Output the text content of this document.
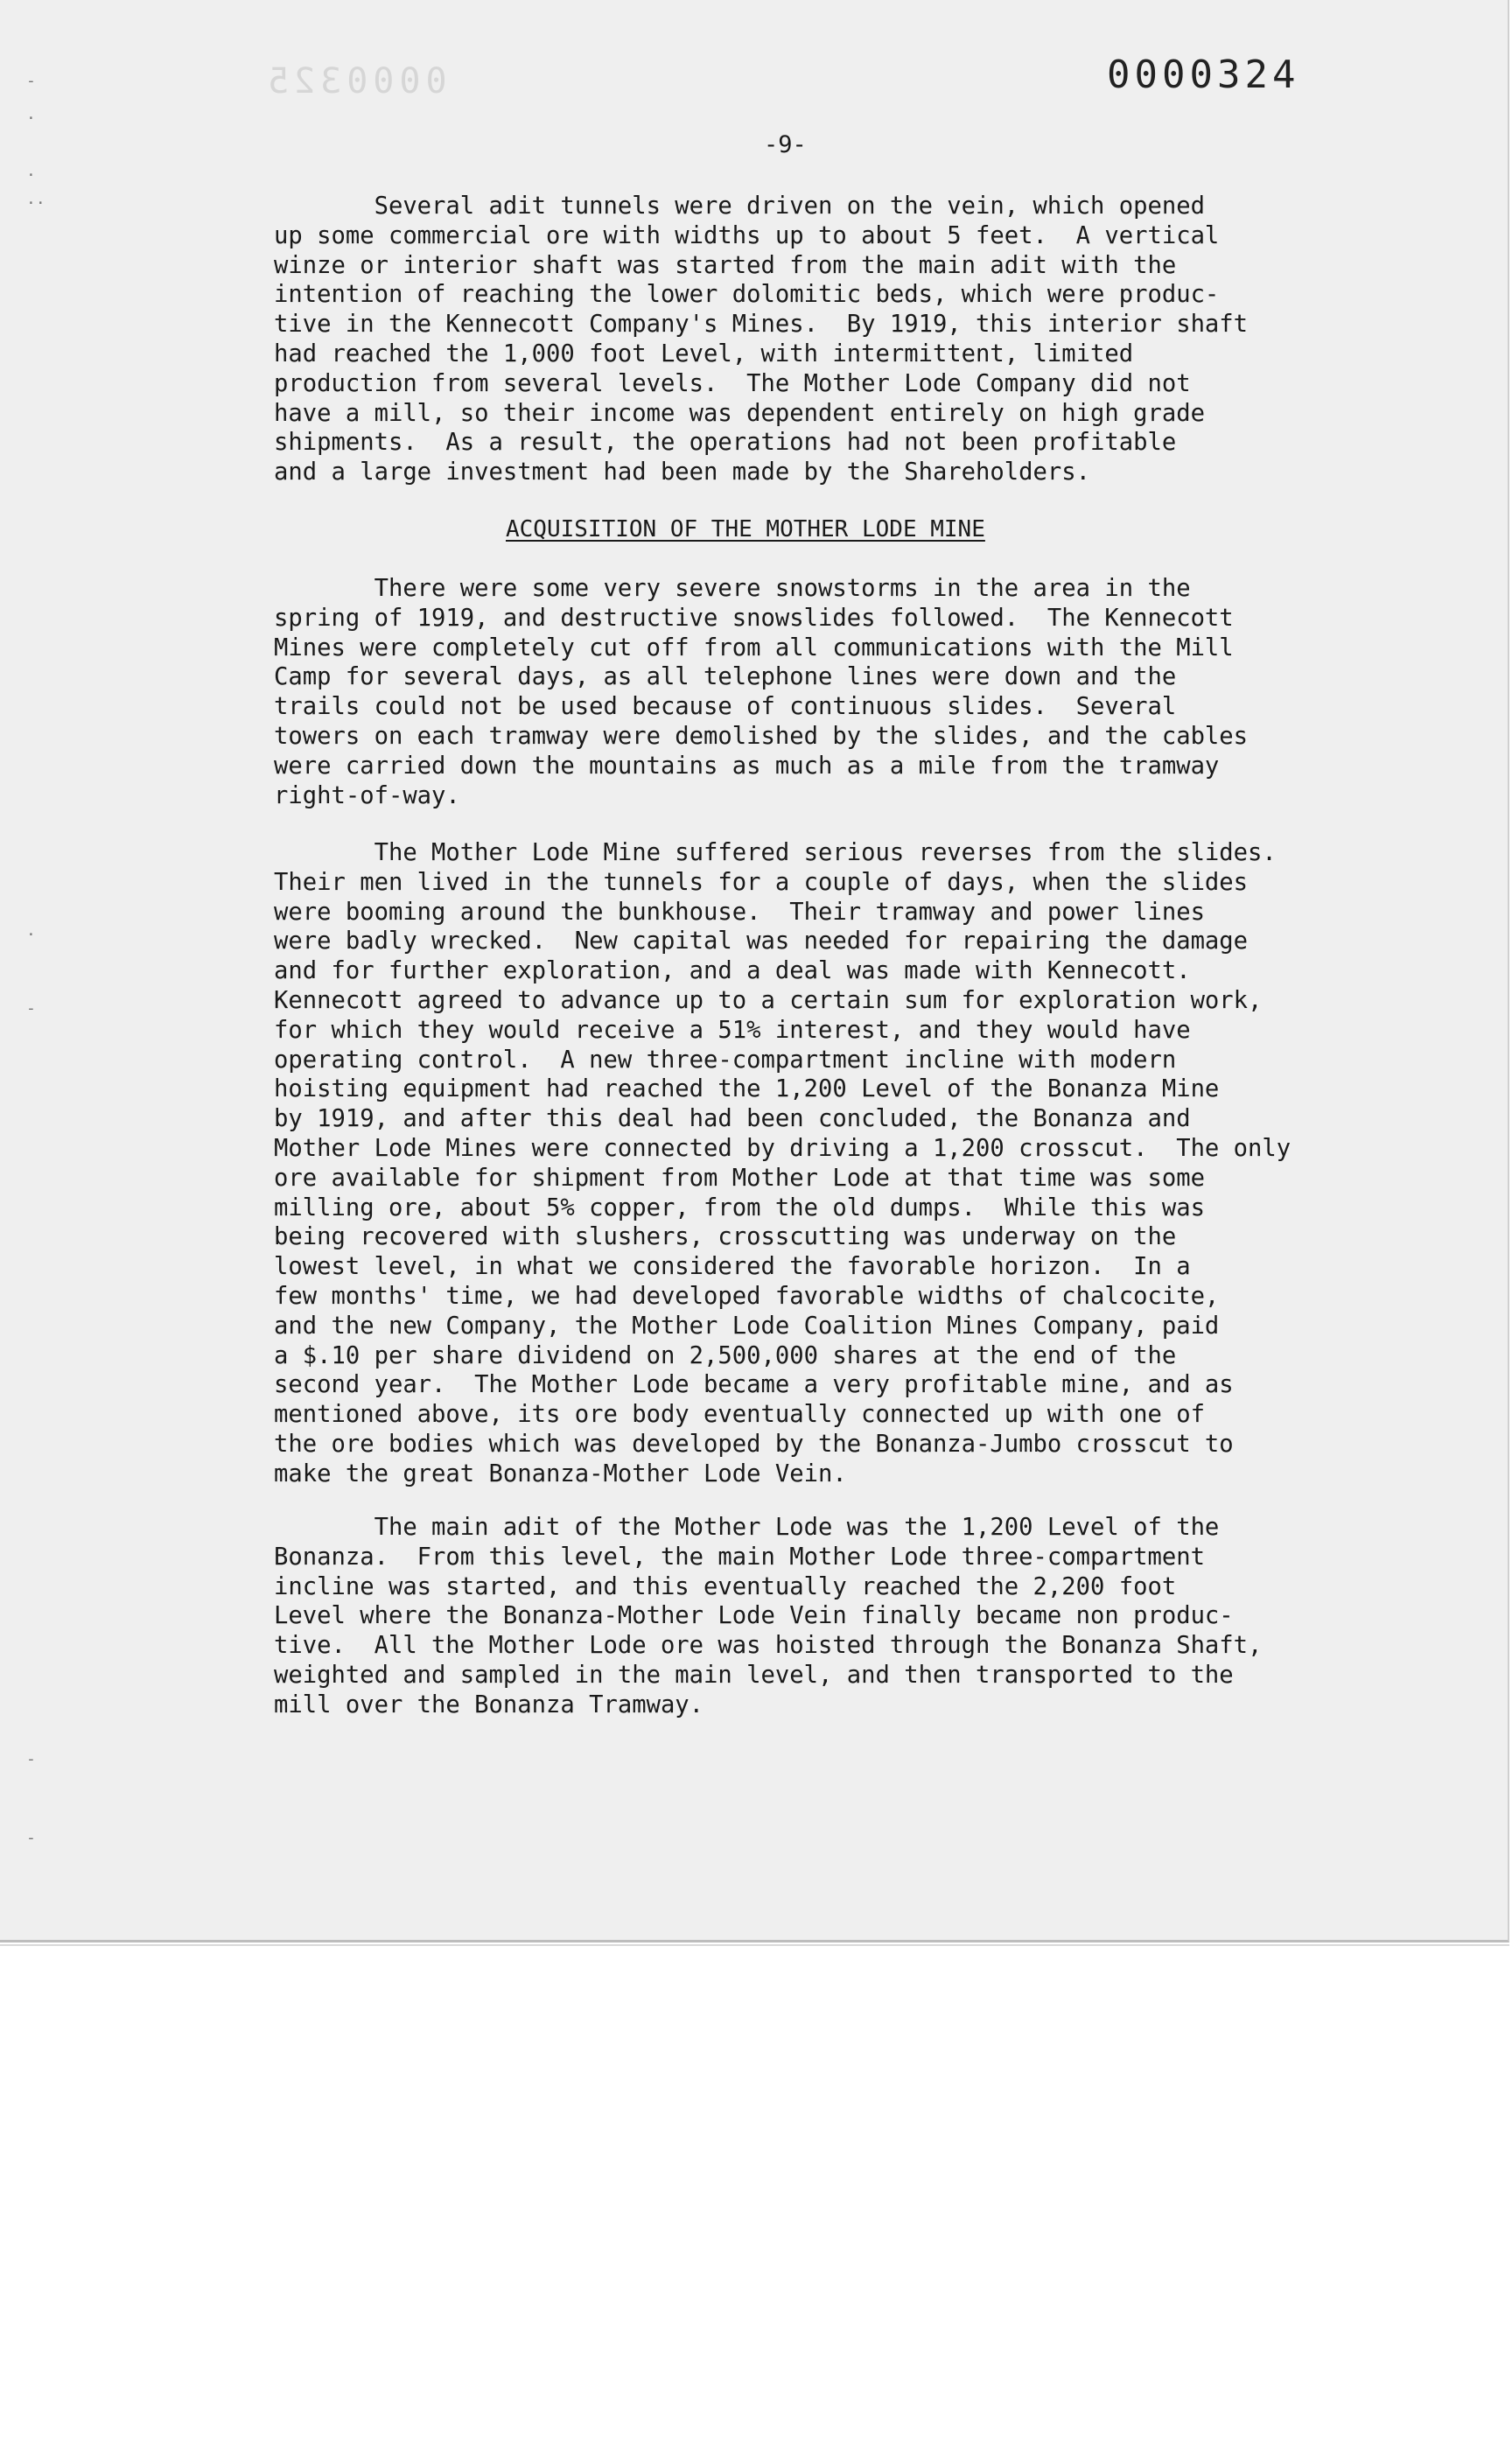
0000325	0000324
-9-

Several adit tunnels were driven on the vein, which opened
up some commercial ore with widths up to about 5 feet.  A vertical
winze or interior shaft was started from the main adit with the
intention of reaching the lower dolomitic beds, which were produc-
tive in the Kennecott Company's Mines.  By 1919, this interior shaft
had reached the 1,000 foot Level, with intermittent, limited
production from several levels.  The Mother Lode Company did not
have a mill, so their income was dependent entirely on high grade
shipments.  As a result, the operations had not been profitable
and a large investment had been made by the Shareholders.

ACQUISITION OF THE MOTHER LODE MINE

There were some very severe snowstorms in the area in the
spring of 1919, and destructive snowslides followed.  The Kennecott
Mines were completely cut off from all communications with the Mill
Camp for several days, as all telephone lines were down and the
trails could not be used because of continuous slides.  Several
towers on each tramway were demolished by the slides, and the cables
were carried down the mountains as much as a mile from the tramway
right-of-way.

The Mother Lode Mine suffered serious reverses from the slides.
Their men lived in the tunnels for a couple of days, when the slides
were booming around the bunkhouse.  Their tramway and power lines
were badly wrecked.  New capital was needed for repairing the damage
and for further exploration, and a deal was made with Kennecott.
Kennecott agreed to advance up to a certain sum for exploration work,
for which they would receive a 51% interest, and they would have
operating control.  A new three-compartment incline with modern
hoisting equipment had reached the 1,200 Level of the Bonanza Mine
by 1919, and after this deal had been concluded, the Bonanza and
Mother Lode Mines were connected by driving a 1,200 crosscut.  The only
ore available for shipment from Mother Lode at that time was some
milling ore, about 5% copper, from the old dumps.  While this was
being recovered with slushers, crosscutting was underway on the
lowest level, in what we considered the favorable horizon.  In a
few months' time, we had developed favorable widths of chalcocite,
and the new Company, the Mother Lode Coalition Mines Company, paid
a $.10 per share dividend on 2,500,000 shares at the end of the
second year.  The Mother Lode became a very profitable mine, and as
mentioned above, its ore body eventually connected up with one of
the ore bodies which was developed by the Bonanza-Jumbo crosscut to
make the great Bonanza-Mother Lode Vein.

The main adit of the Mother Lode was the 1,200 Level of the
Bonanza.  From this level, the main Mother Lode three-compartment
incline was started, and this eventually reached the 2,200 foot
Level where the Bonanza-Mother Lode Vein finally became non produc-
tive.  All the Mother Lode ore was hoisted through the Bonanza Shaft,
weighted and sampled in the main level, and then transported to the
mill over the Bonanza Tramway.

-
·
·
··
·
-
-
-
